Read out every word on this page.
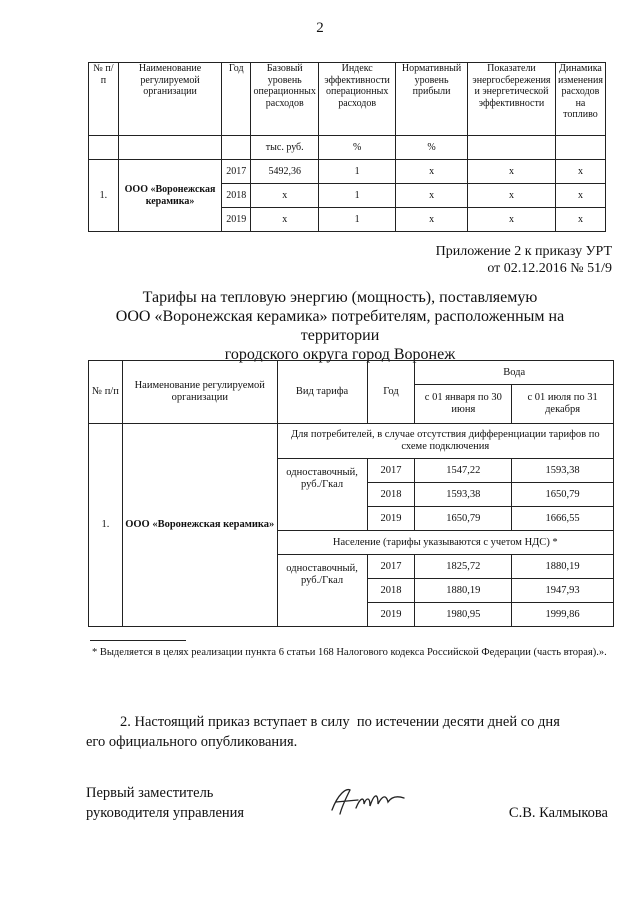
2
№ п/п	Наименование регулируемой организации	Год	Базовый уровень операционных расходов	Индекс эффективности операционных расходов	Нормативный уровень прибыли	Показатели энергосбережения и энергетической эффективности	Динамика изменения расходов на топливо
			тыс. руб.	%	%		
1.	ООО «Воронежская керамика»	2017	5492,36	1	х	х	х
		2018	х	1	х	х	х
		2019	х	1	х	х	х
Приложение 2 к приказу УРТ
от 02.12.2016 № 51/9
Тарифы на тепловую энергию (мощность), поставляемую
ООО «Воронежская керамика» потребителям, расположенным на территории
городского округа город Воронеж
№ п/п	Наименование регулируемой организации	Вид тарифа	Год	Вода	
				с 01 января по 30 июня	с 01 июля по 31 декабря
1.	ООО «Воронежская керамика»	Для потребителей, в случае отсутствия дифференциации тарифов по схеме подключения			
		одноставочный, руб./Гкал	2017	1547,22	1593,38
			2018	1593,38	1650,79
			2019	1650,79	1666,55
		Население (тарифы указываются с учетом НДС) *			
		одноставочный, руб./Гкал	2017	1825,72	1880,19
			2018	1880,19	1947,93
			2019	1980,95	1999,86
* Выделяется в целях реализации пункта 6 статьи 168 Налогового кодекса Российской Федерации (часть вторая).».
2. Настоящий приказ вступает в силу  по истечении десяти дней со дня
его официального опубликования.
Первый заместитель
руководителя управления	С.В. Калмыкова
